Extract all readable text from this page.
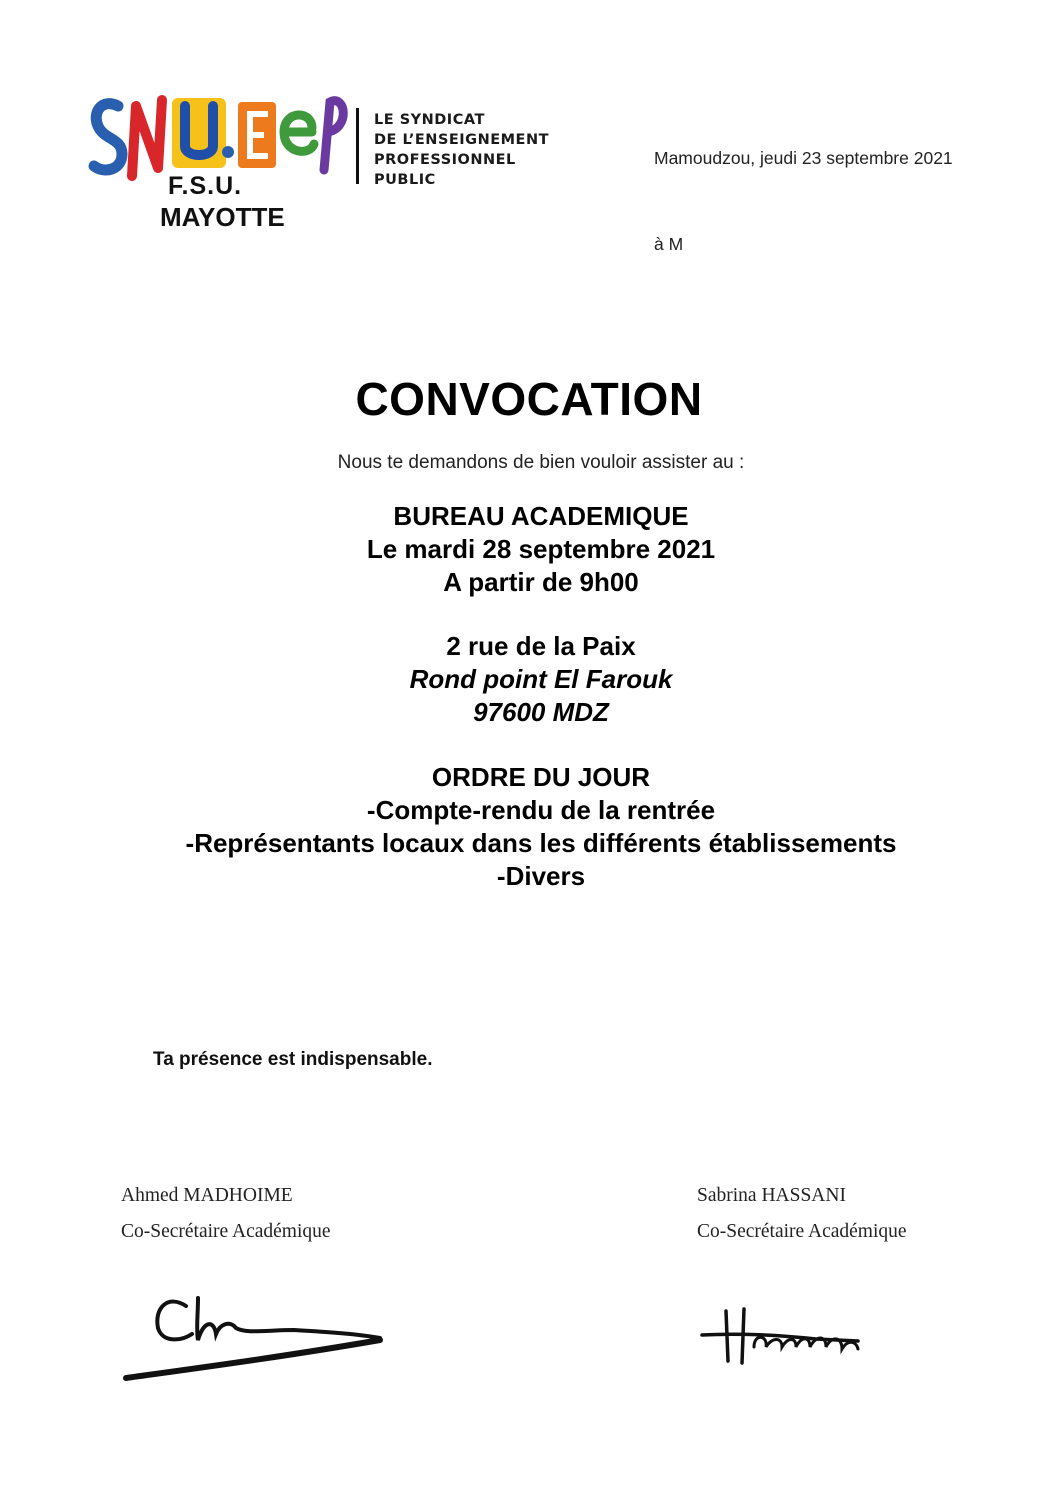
F.S.U.
MAYOTTE
LE SYNDICAT
DE L’ENSEIGNEMENT
PROFESSIONNEL
PUBLIC
Mamoudzou, jeudi 23 septembre 2021
à M
CONVOCATION
Nous te demandons de bien vouloir assister au :
BUREAU ACADEMIQUE
Le mardi 28 septembre 2021
A partir de 9h00
2 rue de la Paix
Rond point El Farouk
97600 MDZ
ORDRE DU JOUR
-Compte-rendu de la rentrée
-Représentants locaux dans les différents établissements
-Divers
Ta présence est indispensable.
Ahmed MADHOIME
Co-Secrétaire Académique
Sabrina HASSANI
Co-Secrétaire Académique
